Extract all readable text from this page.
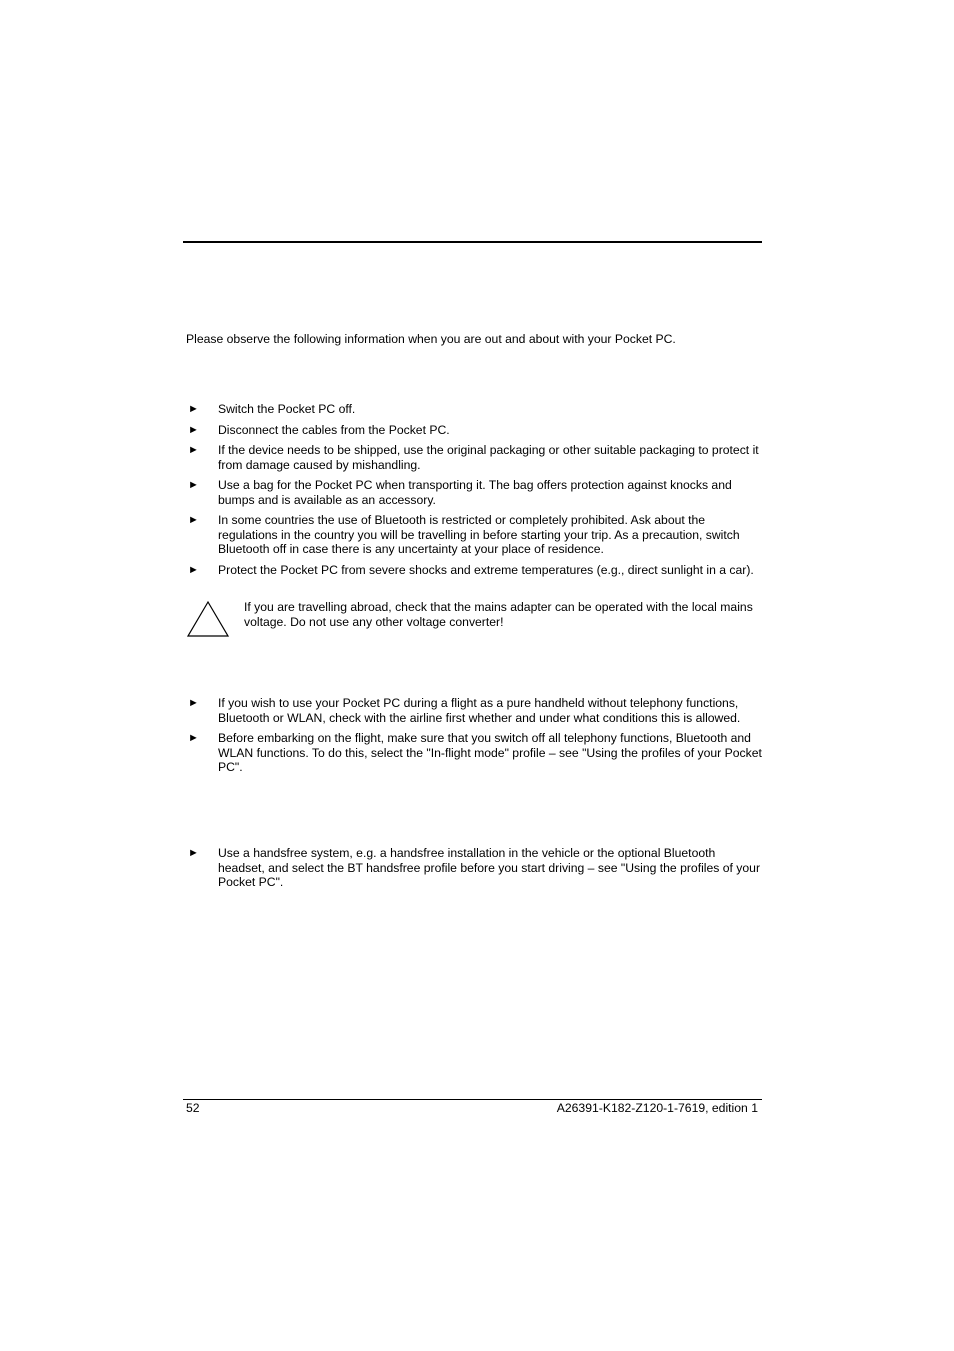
Please observe the following information when you are out and about with your Pocket PC.

► Switch the Pocket PC off.
► Disconnect the cables from the Pocket PC.
► If the device needs to be shipped, use the original packaging or other suitable packaging to protect it from damage caused by mishandling.
► Use a bag for the Pocket PC when transporting it. The bag offers protection against knocks and bumps and is available as an accessory.
► In some countries the use of Bluetooth is restricted or completely prohibited. Ask about the regulations in the country you will be travelling in before starting your trip. As a precaution, switch Bluetooth off in case there is any uncertainty at your place of residence.
► Protect the Pocket PC from severe shocks and extreme temperatures (e.g., direct sunlight in a car).
If you are travelling abroad, check that the mains adapter can be operated with the local mains voltage. Do not use any other voltage converter!
► If you wish to use your Pocket PC during a flight as a pure handheld without telephony functions, Bluetooth or WLAN, check with the airline first whether and under what conditions this is allowed.
► Before embarking on the flight, make sure that you switch off all telephony functions, Bluetooth and WLAN functions. To do this, select the "In-flight mode" profile – see "Using the profiles of your Pocket PC".
► Use a handsfree system, e.g. a handsfree installation in the vehicle or the optional Bluetooth headset, and select the BT handsfree profile before you start driving – see "Using the profiles of your Pocket PC".
52	A26391-K182-Z120-1-7619, edition 1
